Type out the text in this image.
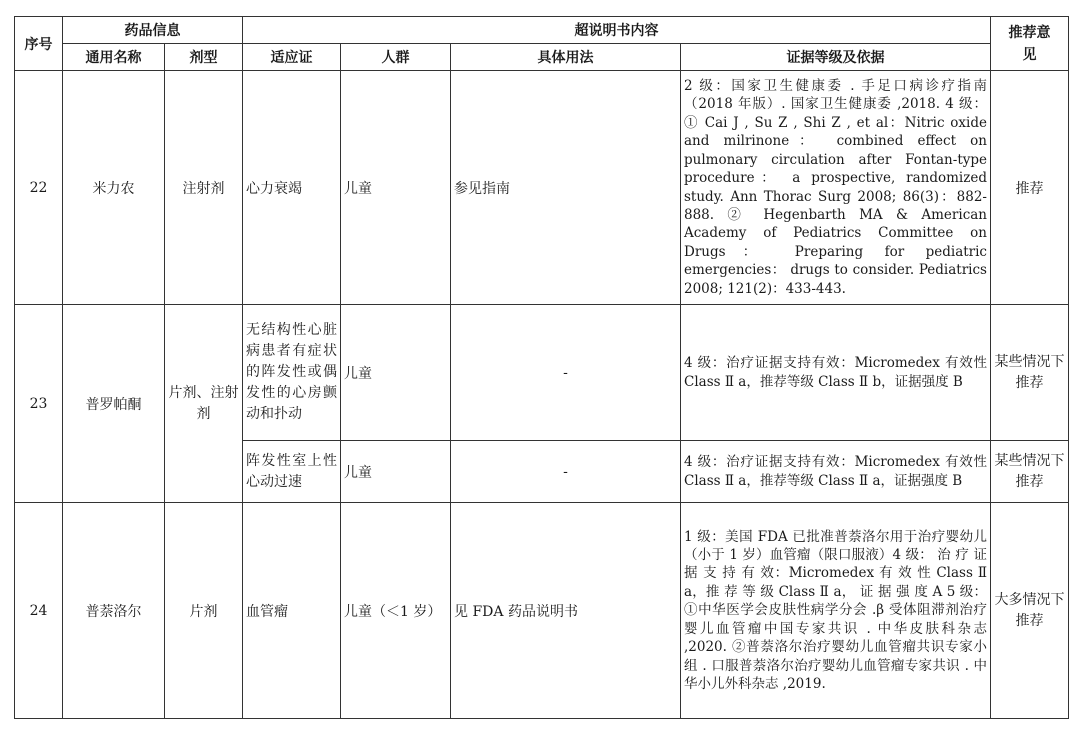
序号	药品信息		超说明书内容				推荐意见

	通用名称	剂型	适应证	人群	具体用法	证据等级及依据	
22	米力农	注射剂	心力衰竭	儿童	参见指南	2 级：国家卫生健康委 . 手足口病诊疗指南（2018 年版）. 国家卫生健康委 ,2018. 4 级： ① Cai J , Su Z , Shi Z , et al：Nitric oxide and milrinone： combined effect on pulmonary circulation after Fontan-type procedure： a prospective, randomized study. Ann Thorac Surg 2008; 86(3)：882-888. ② Hegenbarth MA & American Academy of Pediatrics Committee on Drugs： Preparing for pediatric emergencies： drugs to consider. Pediatrics 2008; 121(2)：433-443.	推荐
23	普罗帕酮	片剂、注射剂	无结构性心脏病患者有症状的阵发性或偶发性的心房颤动和扑动	儿童	-	4 级：治疗证据支持有效：Micromedex 有效性 Class Ⅱ a，推荐等级 Class Ⅱ b，证据强度 B	某些情况下推荐
			阵发性室上性心动过速	儿童	-	4 级：治疗证据支持有效：Micromedex 有效性 Class Ⅱ a，推荐等级 Class Ⅱ a，证据强度 B	某些情况下推荐
24	普萘洛尔	片剂	血管瘤	儿童（＜1 岁）	见 FDA 药品说明书	1 级：美国 FDA 已批准普萘洛尔用于治疗婴幼儿（小于 1 岁）血管瘤（限口服液）4 级： 治 疗 证 据 支 持 有 效：Micromedex 有 效 性 Class Ⅱ a，推 荐 等 级 Class Ⅱ a， 证 据 强 度 A 5 级：①中华医学会皮肤性病学分会 .β 受体阻滞剂治疗婴儿血管瘤中国专家共识 . 中华皮肤科杂志 ,2020. ②普萘洛尔治疗婴幼儿血管瘤共识专家小组 . 口服普萘洛尔治疗婴幼儿血管瘤专家共识 . 中华小儿外科杂志 ,2019.	大多情况下推荐
